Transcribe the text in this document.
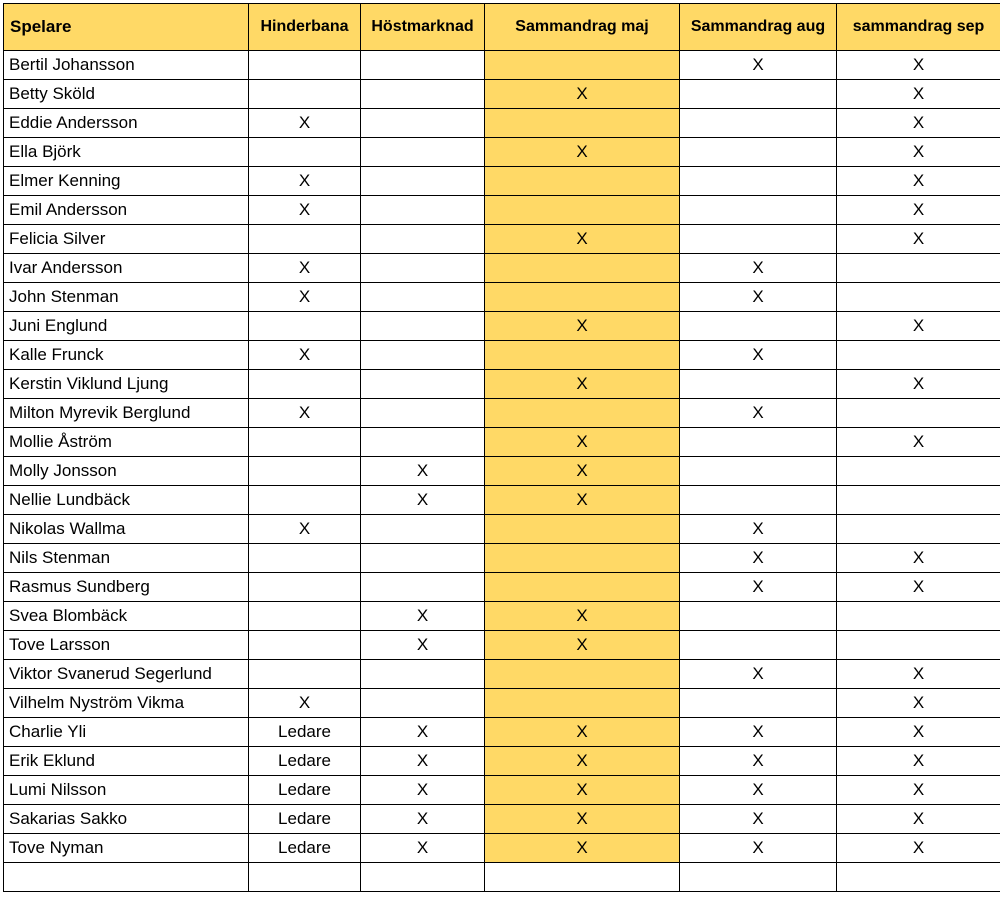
Spelare	Hinderbana	Höstmarknad	Sammandrag maj	Sammandrag aug	sammandrag sep
Bertil Johansson				X	X
Betty Sköld			X		X
Eddie Andersson	X				X
Ella Björk			X		X
Elmer Kenning	X				X
Emil Andersson	X				X
Felicia Silver			X		X
Ivar Andersson	X			X	
John Stenman	X			X	
Juni Englund			X		X
Kalle Frunck	X			X	
Kerstin Viklund Ljung			X		X
Milton Myrevik Berglund	X			X	
Mollie Åström			X		X
Molly Jonsson		X	X		
Nellie Lundbäck		X	X		
Nikolas Wallma	X			X	
Nils Stenman				X	X
Rasmus Sundberg				X	X
Svea Blombäck		X	X		
Tove Larsson		X	X		
Viktor Svanerud Segerlund				X	X
Vilhelm Nyström Vikma	X				X
Charlie Yli	Ledare	X	X	X	X
Erik Eklund	Ledare	X	X	X	X
Lumi Nilsson	Ledare	X	X	X	X
Sakarias Sakko	Ledare	X	X	X	X
Tove Nyman	Ledare	X	X	X	X
